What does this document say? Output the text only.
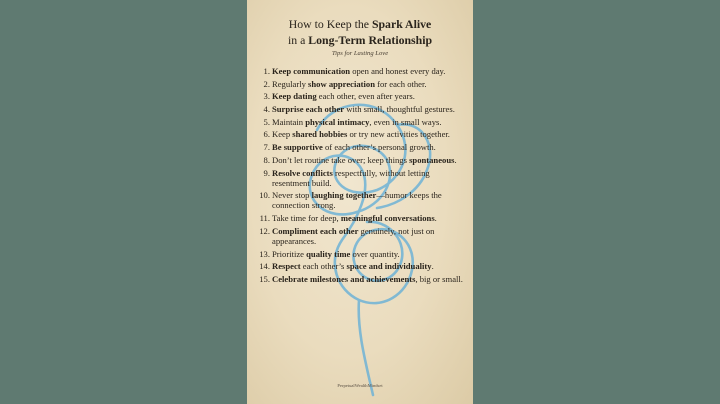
How to Keep the Spark Alive
in a Long-Term Relationship
Tips for Lasting Love
1. Keep communication open and honest every day.
2. Regularly show appreciation for each other.
3. Keep dating each other, even after years.
4. Surprise each other with small, thoughtful gestures.
5. Maintain physical intimacy, even in small ways.
6. Keep shared hobbies or try new activities together.
7. Be supportive of each other’s personal growth.
8. Don’t let routine take over; keep things spontaneous.
9. Resolve conflicts respectfully, without letting resentment build.
10. Never stop laughing together—humor keeps the connection strong.
11. Take time for deep, meaningful conversations.
12. Compliment each other genuinely, not just on appearances.
13. Prioritize quality time over quantity.
14. Respect each other’s space and individuality.
15. Celebrate milestones and achievements, big or small.
PerpetualWealthMindset
